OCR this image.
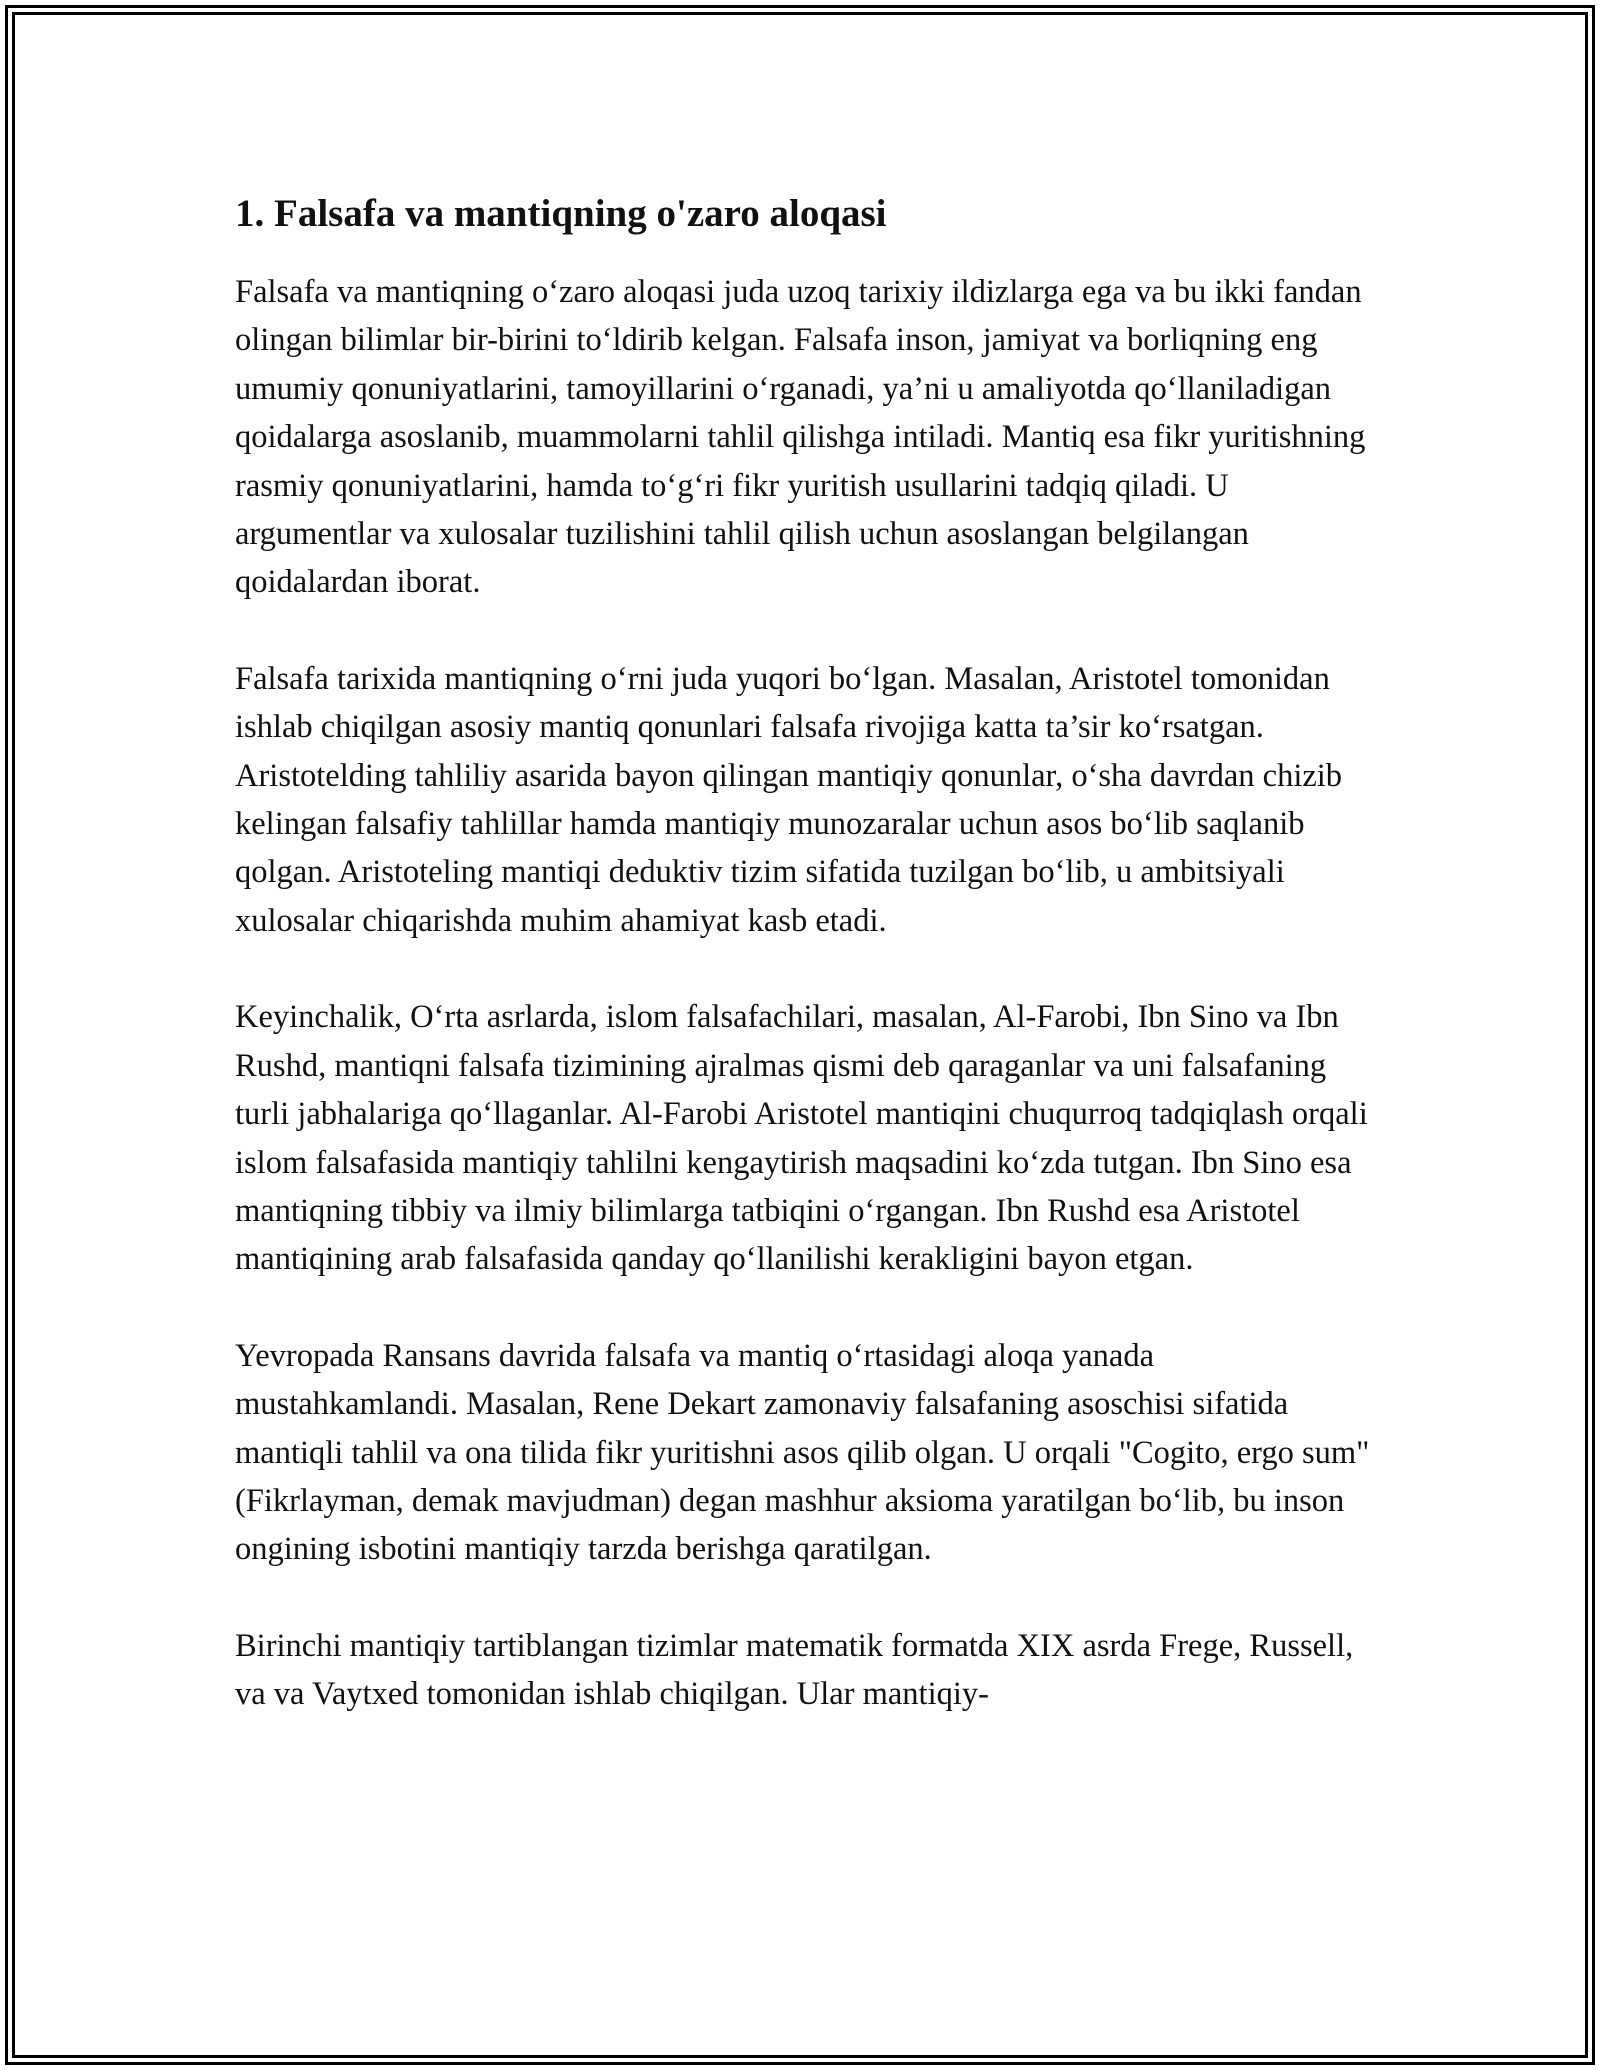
1. Falsafa va mantiqning o'zaro aloqasi

Falsafa va mantiqning oʻzaro aloqasi juda uzoq tarixiy ildizlarga ega va bu ikki fandan olingan bilimlar bir-birini toʻldirib kelgan. Falsafa inson, jamiyat va borliqning eng umumiy qonuniyatlarini, tamoyillarini oʻrganadi, ya’ni u amaliyotda qoʻllaniladigan qoidalarga asoslanib, muammolarni tahlil qilishga intiladi. Mantiq esa fikr yuritishning rasmiy qonuniyatlarini, hamda toʻgʻri fikr yuritish usullarini tadqiq qiladi. U argumentlar va xulosalar tuzilishini tahlil qilish uchun asoslangan belgilangan qoidalardan iborat.

Falsafa tarixida mantiqning oʻrni juda yuqori boʻlgan. Masalan, Aristotel tomonidan ishlab chiqilgan asosiy mantiq qonunlari falsafa rivojiga katta ta’sir koʻrsatgan. Aristotelding tahliliy asarida bayon qilingan mantiqiy qonunlar, oʻsha davrdan chizib kelingan falsafiy tahlillar hamda mantiqiy munozaralar uchun asos boʻlib saqlanib qolgan. Aristoteling mantiqi deduktiv tizim sifatida tuzilgan boʻlib, u ambitsiyali xulosalar chiqarishda muhim ahamiyat kasb etadi.

Keyinchalik, Oʻrta asrlarda, islom falsafachilari, masalan, Al-Farobi, Ibn Sino va Ibn Rushd, mantiqni falsafa tizimining ajralmas qismi deb qaraganlar va uni falsafaning turli jabhalariga qoʻllaganlar. Al-Farobi Aristotel mantiqini chuqurroq tadqiqlash orqali islom falsafasida mantiqiy tahlilni kengaytirish maqsadini koʻzda tutgan. Ibn Sino esa mantiqning tibbiy va ilmiy bilimlarga tatbiqini oʻrgangan. Ibn Rushd esa Aristotel mantiqining arab falsafasida qanday qoʻllanilishi kerakligini bayon etgan.

Yevropada Ransans davrida falsafa va mantiq oʻrtasidagi aloqa yanada mustahkamlandi. Masalan, Rene Dekart zamonaviy falsafaning asoschisi sifatida mantiqli tahlil va ona tilida fikr yuritishni asos qilib olgan. U orqali "Cogito, ergo sum" (Fikrlayman, demak mavjudman) degan mashhur aksioma yaratilgan boʻlib, bu inson ongining isbotini mantiqiy tarzda berishga qaratilgan.

Birinchi mantiqiy tartiblangan tizimlar matematik formatda XIX asrda Frege, Russell, va va Vaytxed tomonidan ishlab chiqilgan. Ular mantiqiy-
